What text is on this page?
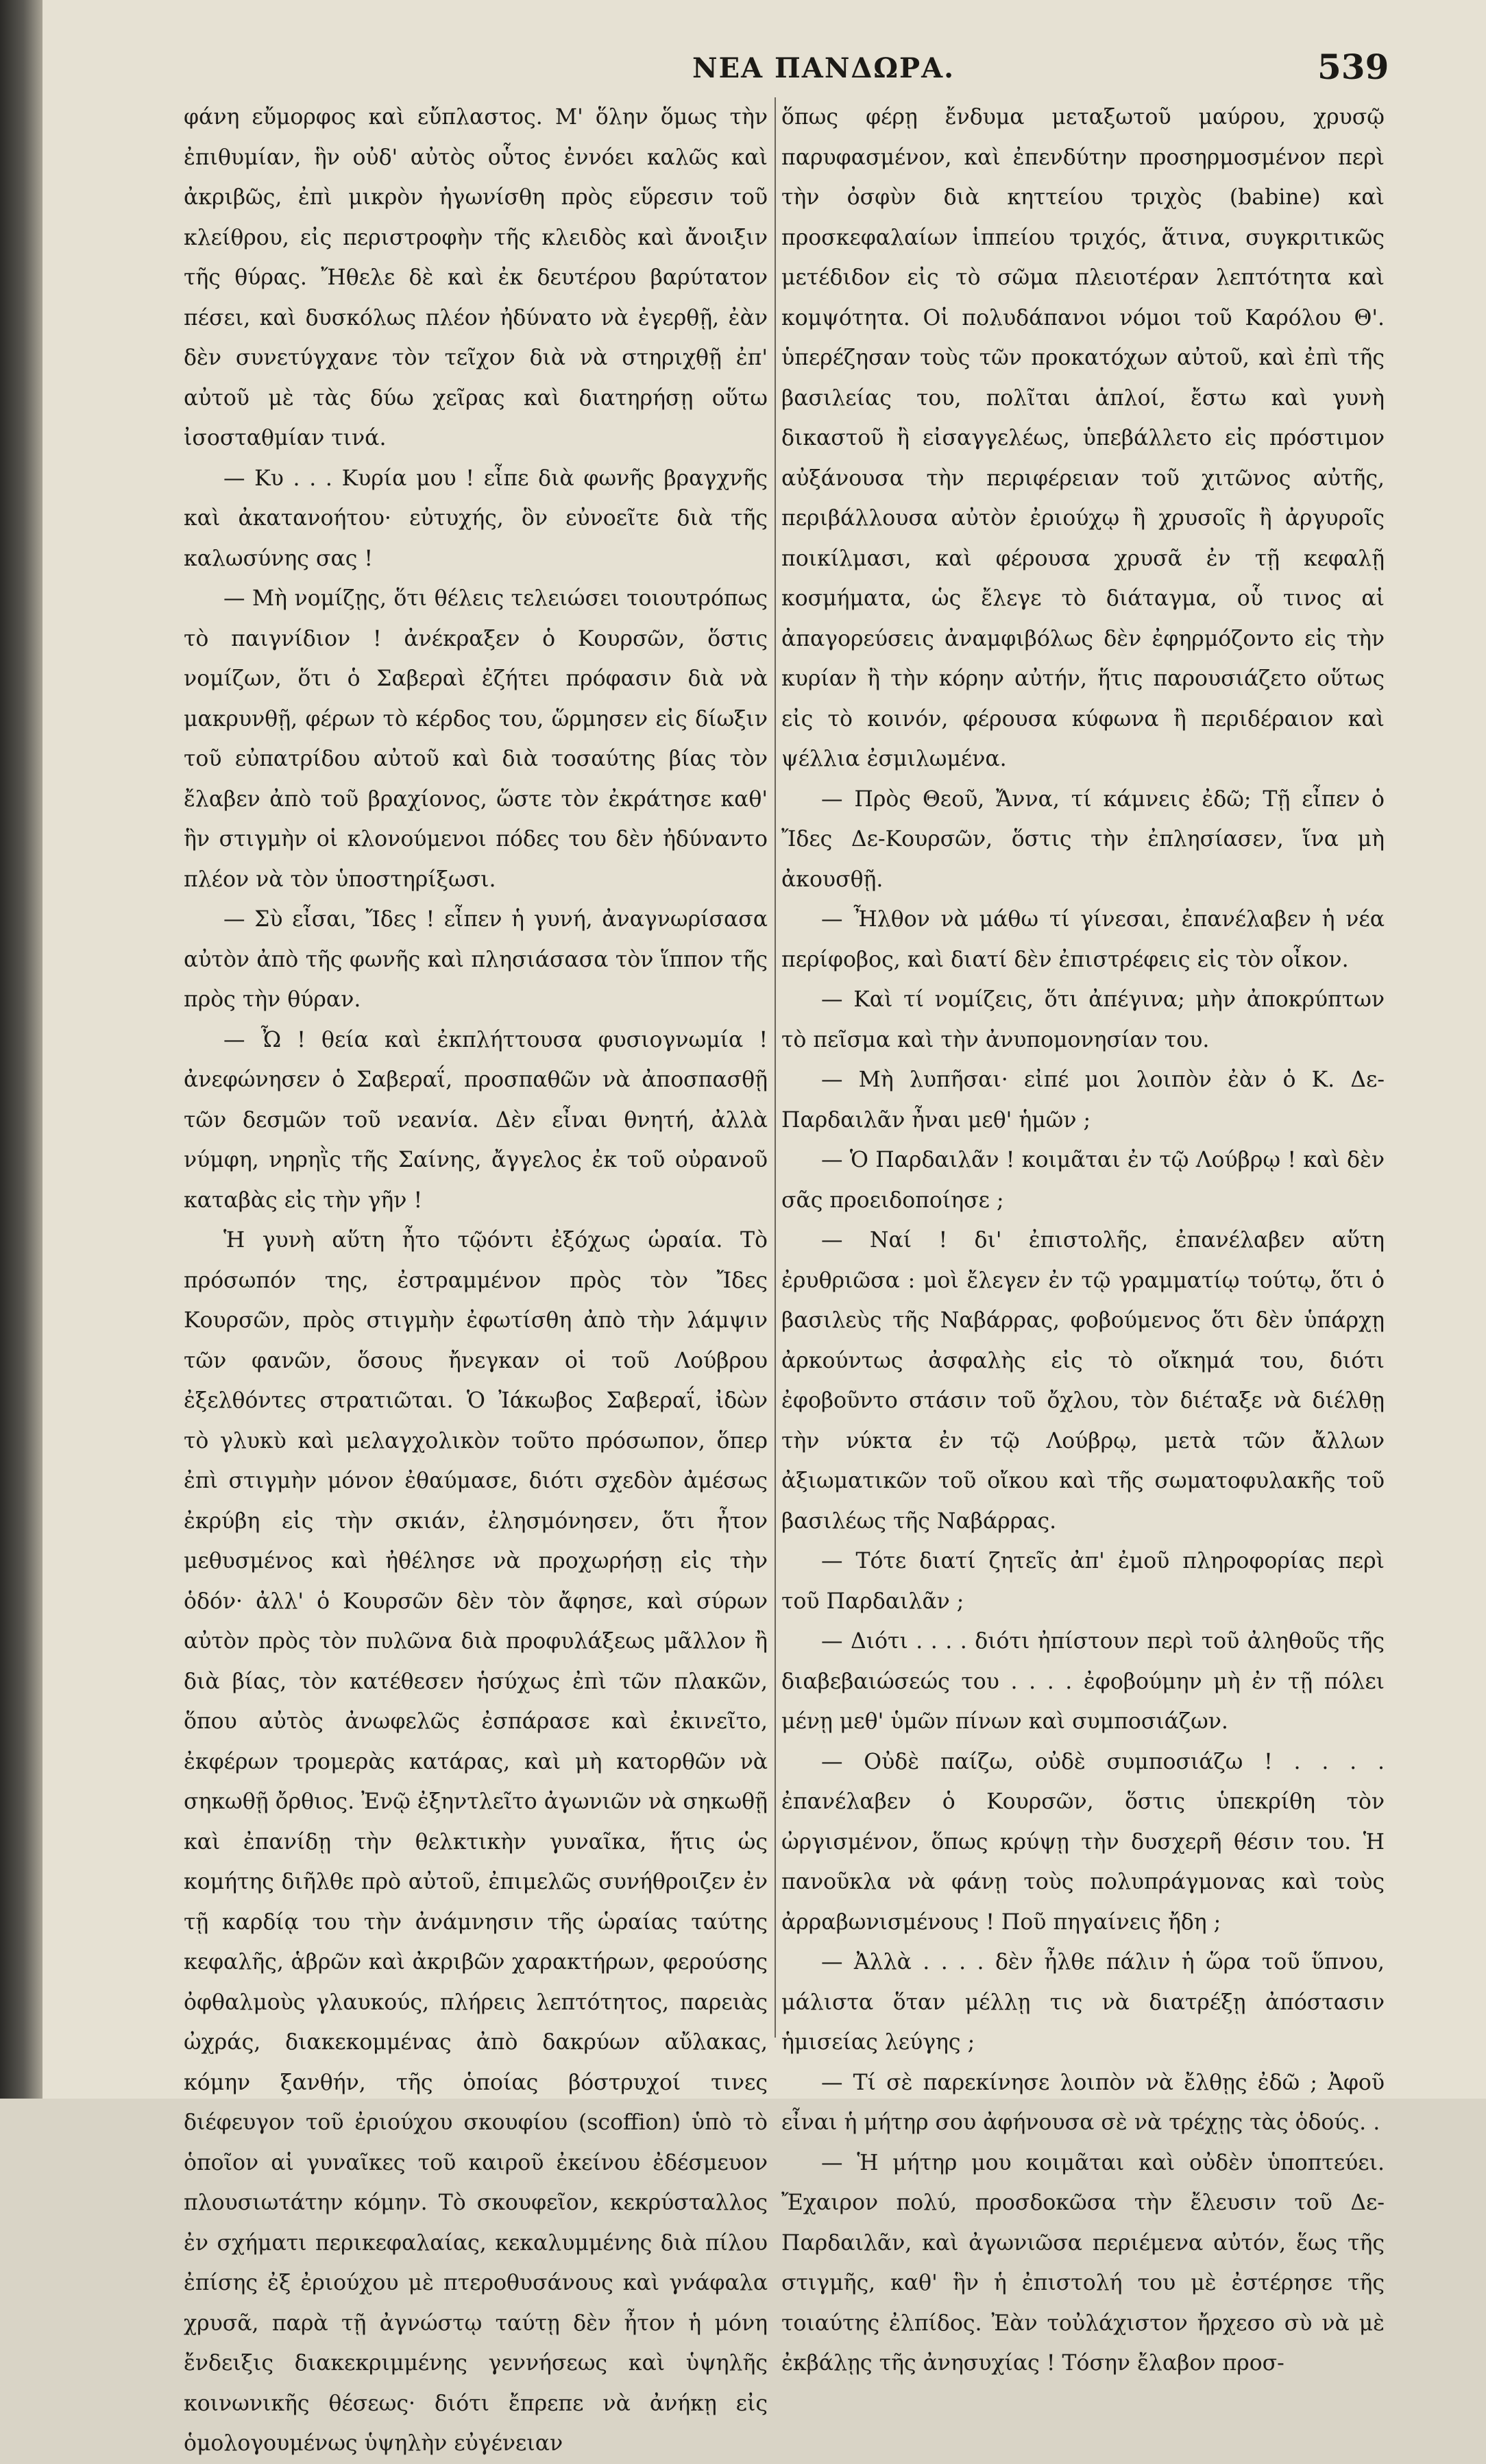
ΝΕΑ ΠΑΝΔΩΡΑ.	539

φάνη εὔμορφος καὶ εὔπλαστος. Μ' ὅλην ὅμως τὴν ἐπιθυμίαν, ἣν οὐδ' αὐτὸς οὗτος ἐννόει καλῶς καὶ ἀκριβῶς, ἐπὶ μικρὸν ἠγωνίσθη πρὸς εὕρεσιν τοῦ κλείθρου, εἰς περιστροφὴν τῆς κλειδὸς καὶ ἄνοιξιν τῆς θύρας. Ἤθελε δὲ καὶ ἐκ δευτέρου βαρύτατον πέσει, καὶ δυσκόλως πλέον ἠδύνατο νὰ ἐγερθῇ, ἐὰν δὲν συνετύγχανε τὸν τεῖχον διὰ νὰ στηριχθῇ ἐπ' αὐτοῦ μὲ τὰς δύω χεῖρας καὶ διατηρήσῃ οὕτω ἰσοσταθμίαν τινά.

— Κυ . . . Κυρία μου ! εἶπε διὰ φωνῆς βραγχνῆς καὶ ἀκατανοήτου· εὐτυχής, ὃν εὐνοεῖτε διὰ τῆς καλωσύνης σας !

— Μὴ νομίζῃς, ὅτι θέλεις τελειώσει τοιουτρόπως τὸ παιγνίδιον ! ἀνέκραξεν ὁ Κουρσῶν, ὅστις νομίζων, ὅτι ὁ Σαβεραὶ ἐζήτει πρόφασιν διὰ νὰ μακρυνθῇ, φέρων τὸ κέρδος του, ὥρμησεν εἰς δίωξιν τοῦ εὐπατρίδου αὐτοῦ καὶ διὰ τοσαύτης βίας τὸν ἔλαβεν ἀπὸ τοῦ βραχίονος, ὥστε τὸν ἐκράτησε καθ' ἣν στιγμὴν οἱ κλονούμενοι πόδες του δὲν ἠδύναντο πλέον νὰ τὸν ὑποστηρίξωσι.

— Σὺ εἶσαι, Ἴδες ! εἶπεν ἡ γυνή, ἀναγνωρίσασα αὐτὸν ἀπὸ τῆς φωνῆς καὶ πλησιάσασα τὸν ἵππον τῆς πρὸς τὴν θύραν.

— Ὦ ! θεία καὶ ἐκπλήττουσα φυσιογνωμία ! ἀνεφώνησεν ὁ Σαβεραΐ, προσπαθῶν νὰ ἀποσπασθῇ τῶν δεσμῶν τοῦ νεανία. Δὲν εἶναι θνητή, ἀλλὰ νύμφη, νηρηῒς τῆς Σαίνης, ἄγγελος ἐκ τοῦ οὐρανοῦ καταβὰς εἰς τὴν γῆν !

Ἡ γυνὴ αὕτη ἦτο τῷόντι ἐξόχως ὡραία. Τὸ πρόσωπόν της, ἐστραμμένον πρὸς τὸν Ἴδες Κουρσῶν, πρὸς στιγμὴν ἐφωτίσθη ἀπὸ τὴν λάμψιν τῶν φανῶν, ὅσους ἤνεγκαν οἱ τοῦ Λούβρου ἐξελθόντες στρατιῶται. Ὁ Ἰάκωβος Σαβεραΐ, ἰδὼν τὸ γλυκὺ καὶ μελαγχολικὸν τοῦτο πρόσωπον, ὅπερ ἐπὶ στιγμὴν μόνον ἐθαύμασε, διότι σχεδὸν ἀμέσως ἐκρύβη εἰς τὴν σκιάν, ἐλησμόνησεν, ὅτι ἦτον μεθυσμένος καὶ ἠθέλησε νὰ προχωρήσῃ εἰς τὴν ὁδόν· ἀλλ' ὁ Κουρσῶν δὲν τὸν ἄφησε, καὶ σύρων αὐτὸν πρὸς τὸν πυλῶνα διὰ προφυλάξεως μᾶλλον ἢ διὰ βίας, τὸν κατέθεσεν ἡσύχως ἐπὶ τῶν πλακῶν, ὅπου αὐτὸς ἀνωφελῶς ἐσπάρασε καὶ ἐκινεῖτο, ἐκφέρων τρομερὰς κατάρας, καὶ μὴ κατορθῶν νὰ σηκωθῇ ὄρθιος. Ἐνῷ ἐξηντλεῖτο ἀγωνιῶν νὰ σηκωθῇ καὶ ἐπανίδῃ τὴν θελκτικὴν γυναῖκα, ἥτις ὡς κομήτης διῆλθε πρὸ αὐτοῦ, ἐπιμελῶς συνήθροιζεν ἐν τῇ καρδίᾳ του τὴν ἀνάμνησιν τῆς ὡραίας ταύτης κεφαλῆς, ἁβρῶν καὶ ἀκριβῶν χαρακτήρων, φερούσης ὀφθαλμοὺς γλαυκούς, πλήρεις λεπτότητος, παρειὰς ὠχράς, διακεκομμένας ἀπὸ δακρύων αὔλακας, κόμην ξανθήν, τῆς ὁποίας βόστρυχοί τινες διέφευγον τοῦ ἐριούχου σκουφίου (scoffion) ὑπὸ τὸ ὁποῖον αἱ γυναῖκες τοῦ καιροῦ ἐκείνου ἐδέσμευον πλουσιωτάτην κόμην. Τὸ σκουφεῖον, κεκρύσταλλος ἐν σχήματι περικεφαλαίας, κεκαλυμμένης διὰ πίλου ἐπίσης ἐξ ἐριούχου μὲ πτεροθυσάνους καὶ γνάφαλα χρυσᾶ, παρὰ τῇ ἀγνώστῳ ταύτῃ δὲν ἦτον ἡ μόνη ἔνδειξις διακεκριμμένης γεννήσεως καὶ ὑψηλῆς κοινωνικῆς θέσεως· διότι ἔπρεπε νὰ ἀνήκῃ εἰς ὁμολογουμένως ὑψηλὴν εὐγένειαν

ὅπως φέρῃ ἔνδυμα μεταξωτοῦ μαύρου, χρυσῷ παρυφασμένον, καὶ ἐπενδύτην προσηρμοσμένον περὶ τὴν ὀσφὺν διὰ κηττείου τριχὸς (babine) καὶ προσκεφαλαίων ἱππείου τριχός, ἅτινα, συγκριτικῶς μετέδιδον εἰς τὸ σῶμα πλειοτέραν λεπτότητα καὶ κομψότητα. Οἱ πολυδάπανοι νόμοι τοῦ Καρόλου Θ'. ὑπερέζησαν τοὺς τῶν προκατόχων αὐτοῦ, καὶ ἐπὶ τῆς βασιλείας του, πολῖται ἁπλοί, ἔστω καὶ γυνὴ δικαστοῦ ἢ εἰσαγγελέως, ὑπεβάλλετο εἰς πρόστιμον αὐξάνουσα τὴν περιφέρειαν τοῦ χιτῶνος αὐτῆς, περιβάλλουσα αὐτὸν ἐριούχῳ ἢ χρυσοῖς ἢ ἀργυροῖς ποικίλμασι, καὶ φέρουσα χρυσᾶ ἐν τῇ κεφαλῇ κοσμήματα, ὡς ἔλεγε τὸ διάταγμα, οὗ τινος αἱ ἀπαγορεύσεις ἀναμφιβόλως δὲν ἐφηρμόζοντο εἰς τὴν κυρίαν ἢ τὴν κόρην αὐτήν, ἥτις παρουσιάζετο οὕτως εἰς τὸ κοινόν, φέρουσα κύφωνα ἢ περιδέραιον καὶ ψέλλια ἐσμιλωμένα.

— Πρὸς Θεοῦ, Ἄννα, τί κάμνεις ἐδῶ; Τῇ εἶπεν ὁ Ἴδες Δε-Κουρσῶν, ὅστις τὴν ἐπλησίασεν, ἵνα μὴ ἀκουσθῇ.

— Ἦλθον νὰ μάθω τί γίνεσαι, ἐπανέλαβεν ἡ νέα περίφοβος, καὶ διατί δὲν ἐπιστρέφεις εἰς τὸν οἶκον.

— Καὶ τί νομίζεις, ὅτι ἀπέγινα; μὴν ἀποκρύπτων τὸ πεῖσμα καὶ τὴν ἀνυπομονησίαν του.

— Μὴ λυπῆσαι· εἰπέ μοι λοιπὸν ἐὰν ὁ Κ. Δε-Παρδαιλᾶν ἦναι μεθ' ἡμῶν ;

— Ὁ Παρδαιλᾶν ! κοιμᾶται ἐν τῷ Λούβρῳ ! καὶ δὲν σᾶς προειδοποίησε ;

— Ναί ! δι' ἐπιστολῆς, ἐπανέλαβεν αὕτη ἐρυθριῶσα : μοὶ ἔλεγεν ἐν τῷ γραμματίῳ τούτῳ, ὅτι ὁ βασιλεὺς τῆς Ναβάρρας, φοβούμενος ὅτι δὲν ὑπάρχῃ ἀρκούντως ἀσφαλὴς εἰς τὸ οἴκημά του, διότι ἐφοβοῦντο στάσιν τοῦ ὄχλου, τὸν διέταξε νὰ διέλθῃ τὴν νύκτα ἐν τῷ Λούβρῳ, μετὰ τῶν ἄλλων ἀξιωματικῶν τοῦ οἴκου καὶ τῆς σωματοφυλακῆς τοῦ βασιλέως τῆς Ναβάρρας.

— Τότε διατί ζητεῖς ἀπ' ἐμοῦ πληροφορίας περὶ τοῦ Παρδαιλᾶν ;

— Διότι . . . . διότι ἠπίστουν περὶ τοῦ ἀληθοῦς τῆς διαβεβαιώσεώς του . . . . ἐφοβούμην μὴ ἐν τῇ πόλει μένῃ μεθ' ὑμῶν πίνων καὶ συμποσιάζων.

— Οὐδὲ παίζω, οὐδὲ συμποσιάζω ! . . . . ἐπανέλαβεν ὁ Κουρσῶν, ὅστις ὑπεκρίθη τὸν ὠργισμένον, ὅπως κρύψῃ τὴν δυσχερῆ θέσιν του. Ἡ πανοῦκλα νὰ φάνῃ τοὺς πολυπράγμονας καὶ τοὺς ἀρραβωνισμένους ! Ποῦ πηγαίνεις ἤδη ;

— Ἀλλὰ . . . . δὲν ἦλθε πάλιν ἡ ὥρα τοῦ ὕπνου, μάλιστα ὅταν μέλλῃ τις νὰ διατρέξῃ ἀπόστασιν ἡμισείας λεύγης ;

— Τί σὲ παρεκίνησε λοιπὸν νὰ ἔλθῃς ἐδῶ ; Ἀφοῦ εἶναι ἡ μήτηρ σου ἀφήνουσα σὲ νὰ τρέχῃς τὰς ὁδούς. .

— Ἡ μήτηρ μου κοιμᾶται καὶ οὐδὲν ὑποπτεύει. Ἔχαιρον πολύ, προσδοκῶσα τὴν ἔλευσιν τοῦ Δε-Παρδαιλᾶν, καὶ ἀγωνιῶσα περιέμενα αὐτόν, ἕως τῆς στιγμῆς, καθ' ἣν ἡ ἐπιστολή του μὲ ἐστέρησε τῆς τοιαύτης ἐλπίδος. Ἐὰν τοὐλάχιστον ἤρχεσο σὺ νὰ μὲ ἐκβάλῃς τῆς ἀνησυχίας ! Τόσην ἔλαβον προσ-
